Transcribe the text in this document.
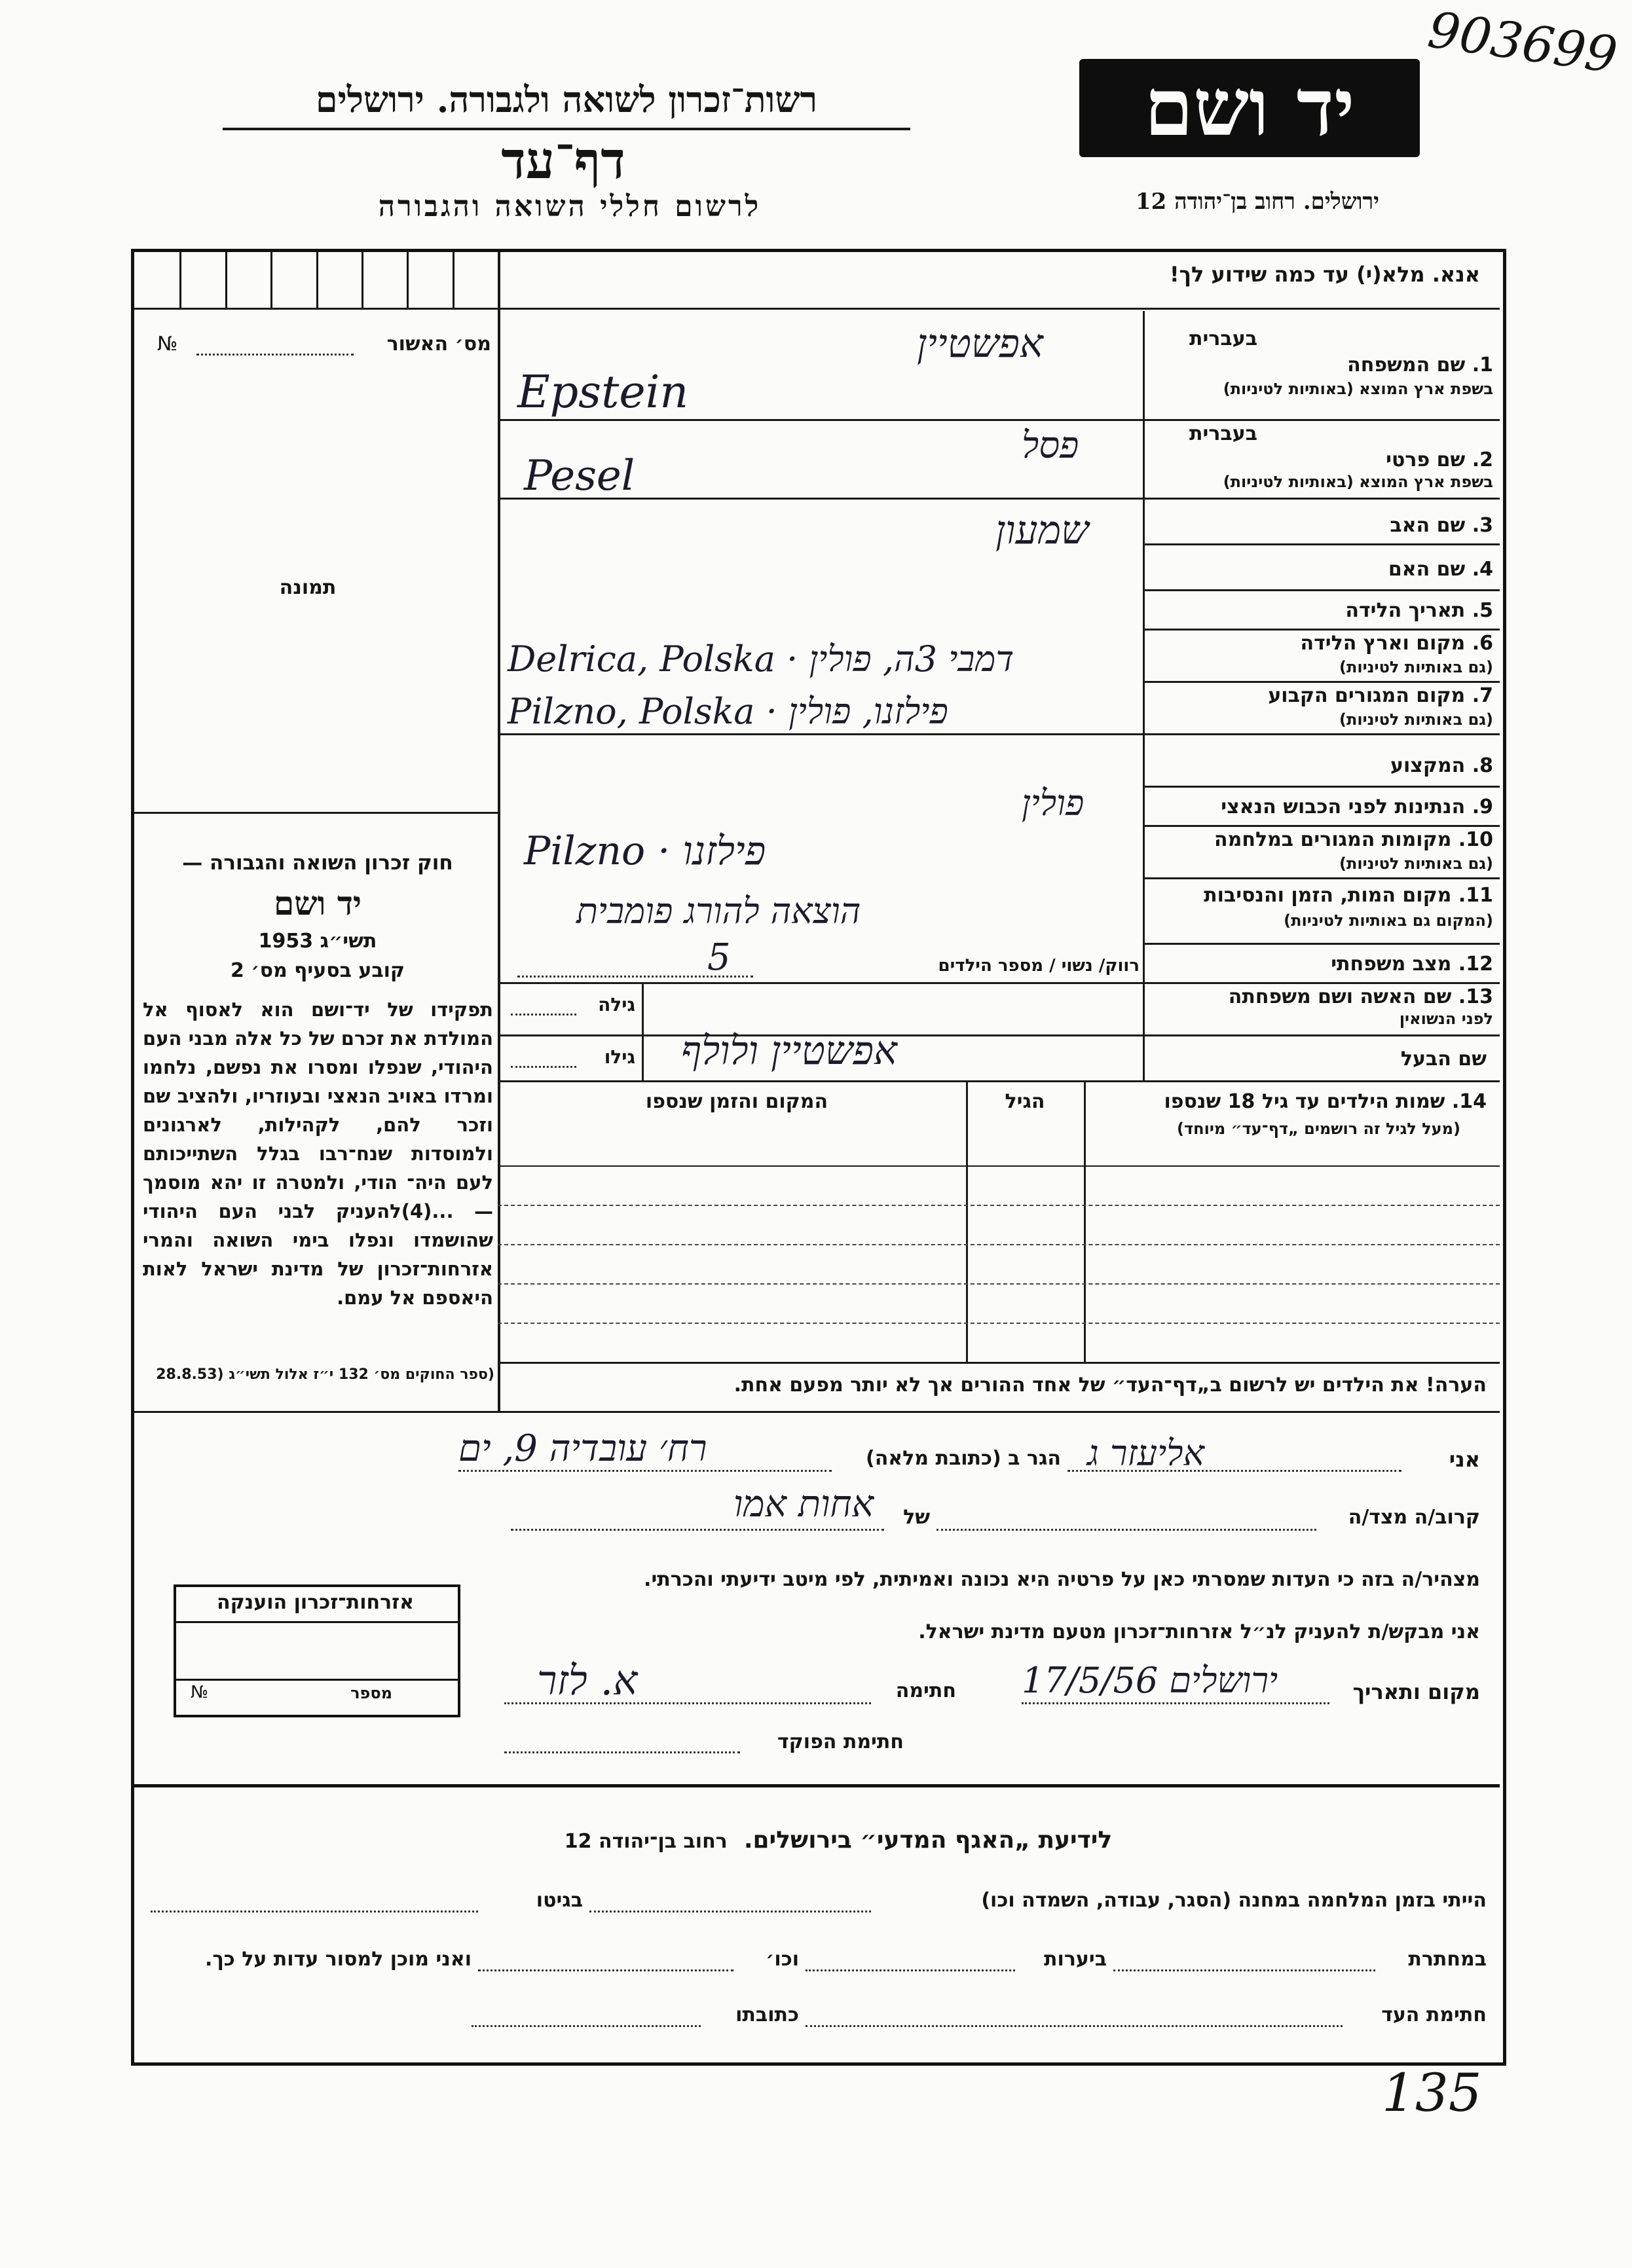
903699
רשות־זכרון לשואה ולגבורה. ירושלים
דף־עד
לרשום חללי השואה והגבורה
יד ושם
ירושלים. רחוב בן־יהודה 12
אנא. מלא(י) עד כמה שידוע לך!
מס׳ האשור
№
תמונה
בעברית
1. שם המשפחה
בשפת ארץ המוצא (באותיות לטיניות)
בעברית
2. שם פרטי
בשפת ארץ המוצא (באותיות לטיניות)
3. שם האב
4. שם האם
5. תאריך הלידה
6. מקום וארץ הלידה
(גם באותיות לטיניות)
7. מקום המגורים הקבוע
(גם באותיות לטיניות)
8. המקצוע
9. הנתינות לפני הכבוש הנאצי
10. מקומות המגורים במלחמה
(גם באותיות לטיניות)
11. מקום המות, הזמן והנסיבות
(המקום גם באותיות לטיניות)
12. מצב משפחתי
13. שם האשה ושם משפחתה
לפני הנשואין
שם הבעל
אפשטיין
Epstein
פסל
Pesel
שמעון
Delrica, Polska · דמבי 3ה, פולין
Pilzno, Polska · פילזנו, פולין
פולין
Pilzno · פילזנו
הוצאה להורג פומבית
רווק/ נשוי / מספר הילדים
5
גילה
גילו אפשטיין ולולף
14. שמות הילדים עד גיל 18 שנספו
(מעל לגיל זה רושמים „דף־עד״ מיוחד)
הגיל
המקום והזמן שנספו
הערה! את הילדים יש לרשום ב„דף־העד״ של אחד ההורים אך לא יותר מפעם אחת.
חוק זכרון השואה והגבורה —
יד ושם
תשי״ג 1953
קובע בסעיף מס׳ 2
תפקידו של יד־ושם הוא לאסוף אל המולדת את זכרם של כל אלה מבני העם היהודי, שנפלו ומסרו את נפשם, נלחמו ומרדו באויב הנאצי ובעוזריו, ולהציב שם וזכר להם, לקהילות, לארגונים ולמוסדות שנח־רבו בגלל השתייכותם לעם היה־ הודי, ולמטרה זו יהא מוסמך — ...(4)להעניק לבני העם היהודי שהושמדו ונפלו בימי השואה והמרי אזרחות־זכרון של מדינת ישראל לאות היאספם אל עמם.
(ספר החוקים מס׳ 132 י״ז אלול תשי״ג (28.8.53
אני
אליעזר ג
הגר ב (כתובת מלאה)
רח׳ עובדיה 9, ים
קרוב/ה מצד/ה
של
אחות אמו
מצהיר/ה בזה כי העדות שמסרתי כאן על פרטיה היא נכונה ואמיתית, לפי מיטב ידיעתי והכרתי.
אני מבקש/ת להעניק לנ״ל אזרחות־זכרון מטעם מדינת ישראל.
אזרחות־זכרון הוענקה
מספר
№	מקום ותאריך
ירושלים 17/5/56
חתימה
א. לזר
חתימת הפוקד
לידיעת „האגף המדעי״ בירושלים.  רחוב בן־יהודה 12
הייתי בזמן המלחמה במחנה (הסגר, עבודה, השמדה וכו)
בגיטו
במחתרת
ביערות
וכו׳
ואני מוכן למסור עדות על כך.
חתימת העד
כתובתו
135
